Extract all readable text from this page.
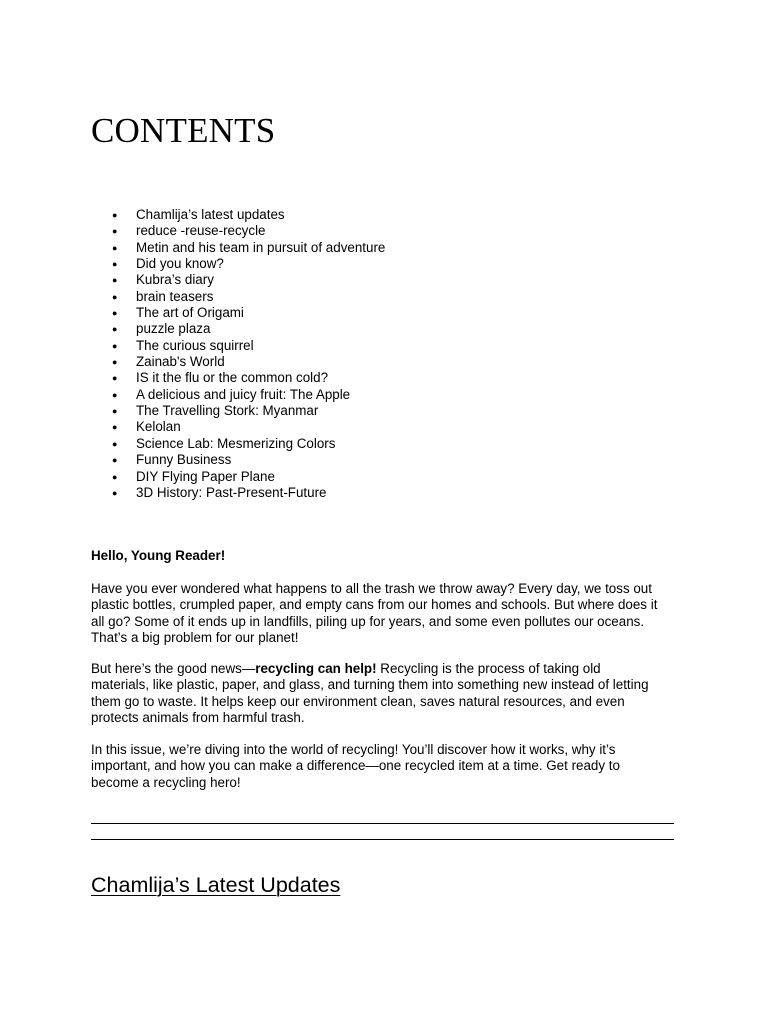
CONTENTS
● Chamlija’s latest updates
● reduce -reuse-recycle
● Metin and his team in pursuit of adventure
● Did you know?
● Kubra’s diary
● brain teasers
● The art of Origami
● puzzle plaza
● The curious squirrel
● Zainab's World
● IS it the flu or the common cold?
● A delicious and juicy fruit: The Apple
● The Travelling Stork: Myanmar
● Kelolan
● Science Lab: Mesmerizing Colors
● Funny Business
● DIY Flying Paper Plane
● 3D History: Past-Present-Future

Hello, Young Reader!

Have you ever wondered what happens to all the trash we throw away? Every day, we toss out
plastic bottles, crumpled paper, and empty cans from our homes and schools. But where does it
all go? Some of it ends up in landfills, piling up for years, and some even pollutes our oceans.
That’s a big problem for our planet!

But here’s the good news—recycling can help! Recycling is the process of taking old
materials, like plastic, paper, and glass, and turning them into something new instead of letting
them go to waste. It helps keep our environment clean, saves natural resources, and even
protects animals from harmful trash.

In this issue, we’re diving into the world of recycling! You’ll discover how it works, why it’s
important, and how you can make a difference—one recycled item at a time. Get ready to
become a recycling hero!

Chamlija’s Latest Updates
